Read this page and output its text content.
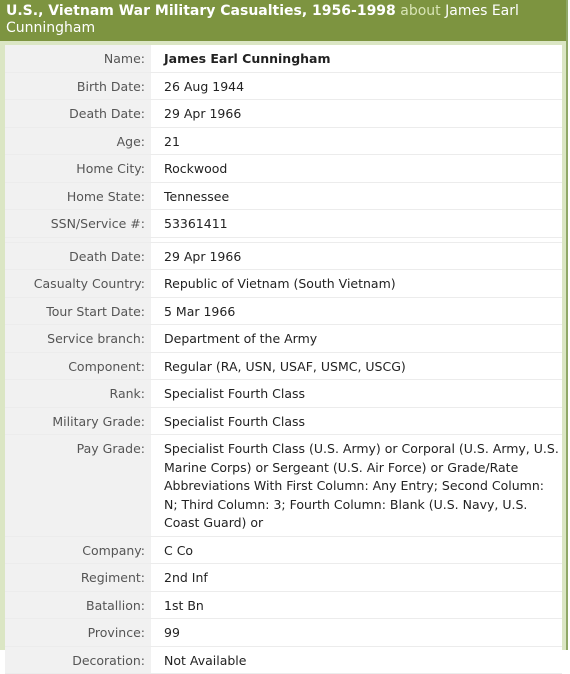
U.S., Vietnam War Military Casualties, 1956-1998 about James Earl Cunningham
Name:	James Earl Cunningham
Birth Date:	26 Aug 1944
Death Date:	29 Apr 1966
Age:	21
Home City:	Rockwood
Home State:	Tennessee
SSN/Service #:	53361411

Death Date:	29 Apr 1966
Casualty Country:	Republic of Vietnam (South Vietnam)
Tour Start Date:	5 Mar 1966
Service branch:	Department of the Army
Component:	Regular (RA, USN, USAF, USMC, USCG)
Rank:	Specialist Fourth Class
Military Grade:	Specialist Fourth Class
Pay Grade:	Specialist Fourth Class (U.S. Army) or Corporal (U.S. Army, U.S. Marine Corps) or Sergeant (U.S. Air Force) or Grade/Rate Abbreviations With First Column: Any Entry; Second Column: N; Third Column: 3; Fourth Column: Blank (U.S. Navy, U.S. Coast Guard) or
Company:	C Co
Regiment:	2nd Inf
Batallion:	1st Bn
Province:	99
Decoration:	Not Available
